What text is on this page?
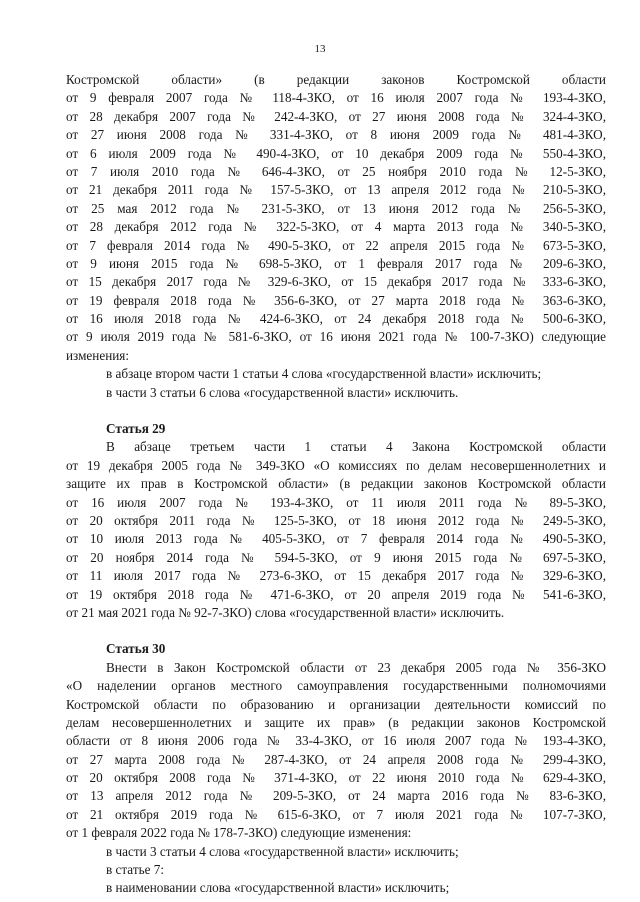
13
Костромской области» (в редакции законов Костромской области
от 9 февраля 2007 года № 118-4-ЗКО, от 16 июля 2007 года № 193-4-ЗКО,
от 28 декабря 2007 года № 242-4-ЗКО, от 27 июня 2008 года № 324-4-ЗКО,
от 27 июня 2008 года № 331-4-ЗКО, от 8 июня 2009 года № 481-4-ЗКО,
от 6 июля 2009 года № 490-4-ЗКО, от 10 декабря 2009 года № 550-4-ЗКО,
от 7 июля 2010 года № 646-4-ЗКО, от 25 ноября 2010 года № 12-5-ЗКО,
от 21 декабря 2011 года № 157-5-ЗКО, от 13 апреля 2012 года № 210-5-ЗКО,
от 25 мая 2012 года № 231-5-ЗКО, от 13 июня 2012 года № 256-5-ЗКО,
от 28 декабря 2012 года № 322-5-ЗКО, от 4 марта 2013 года № 340-5-ЗКО,
от 7 февраля 2014 года № 490-5-ЗКО, от 22 апреля 2015 года № 673-5-ЗКО,
от 9 июня 2015 года № 698-5-ЗКО, от 1 февраля 2017 года № 209-6-ЗКО,
от 15 декабря 2017 года № 329-6-ЗКО, от 15 декабря 2017 года № 333-6-ЗКО,
от 19 февраля 2018 года № 356-6-ЗКО, от 27 марта 2018 года № 363-6-ЗКО,
от 16 июля 2018 года № 424-6-ЗКО, от 24 декабря 2018 года № 500-6-ЗКО,
от 9 июля 2019 года № 581-6-ЗКО, от 16 июня 2021 года № 100-7-ЗКО) следующие
изменения:
в абзаце втором части 1 статьи 4 слова «государственной власти» исключить;
в части 3 статьи 6 слова «государственной власти» исключить.
Статья 29
В абзаце третьем части 1 статьи 4 Закона Костромской области
от 19 декабря 2005 года № 349-ЗКО «О комиссиях по делам несовершеннолетних и
защите их прав в Костромской области» (в редакции законов Костромской области
от 16 июля 2007 года № 193-4-ЗКО, от 11 июля 2011 года № 89-5-ЗКО,
от 20 октября 2011 года № 125-5-ЗКО, от 18 июня 2012 года № 249-5-ЗКО,
от 10 июля 2013 года № 405-5-ЗКО, от 7 февраля 2014 года № 490-5-ЗКО,
от 20 ноября 2014 года № 594-5-ЗКО, от 9 июня 2015 года № 697-5-ЗКО,
от 11 июля 2017 года № 273-6-ЗКО, от 15 декабря 2017 года № 329-6-ЗКО,
от 19 октября 2018 года № 471-6-ЗКО, от 20 апреля 2019 года № 541-6-ЗКО,
от 21 мая 2021 года № 92-7-ЗКО) слова «государственной власти» исключить.
Статья 30
Внести в Закон Костромской области от 23 декабря 2005 года № 356-ЗКО
«О наделении органов местного самоуправления государственными полномочиями
Костромской области по образованию и организации деятельности комиссий по
делам несовершеннолетних и защите их прав» (в редакции законов Костромской
области от 8 июня 2006 года № 33-4-ЗКО, от 16 июля 2007 года № 193-4-ЗКО,
от 27 марта 2008 года № 287-4-ЗКО, от 24 апреля 2008 года № 299-4-ЗКО,
от 20 октября 2008 года № 371-4-ЗКО, от 22 июня 2010 года № 629-4-ЗКО,
от 13 апреля 2012 года № 209-5-ЗКО, от 24 марта 2016 года № 83-6-ЗКО,
от 21 октября 2019 года № 615-6-ЗКО, от 7 июля 2021 года № 107-7-ЗКО,
от 1 февраля 2022 года № 178-7-ЗКО) следующие изменения:
в части 3 статьи 4 слова «государственной власти» исключить;
в статье 7:
в наименовании слова «государственной власти» исключить;
